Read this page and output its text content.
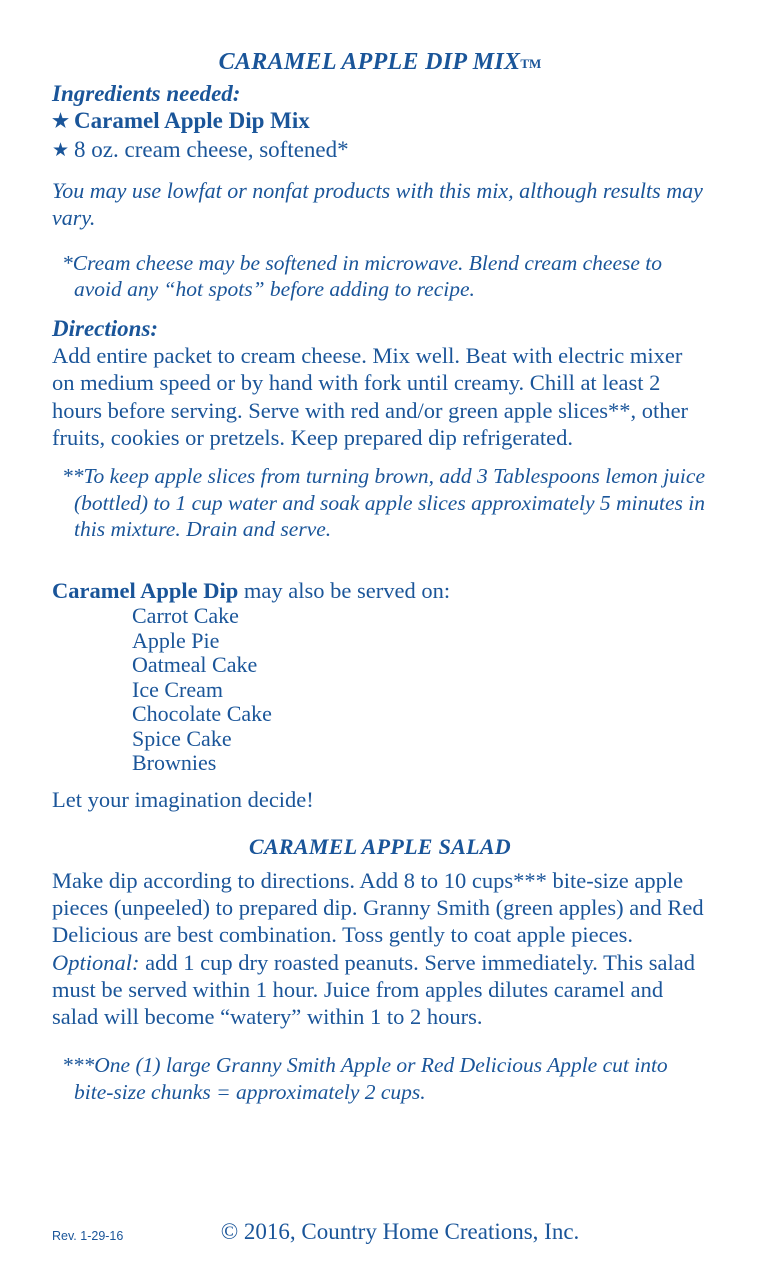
CARAMEL APPLE DIP MIXTM
Ingredients needed:
★ Caramel Apple Dip Mix
★ 8 oz. cream cheese, softened*
You may use lowfat or nonfat products with this mix, although results may vary.
*Cream cheese may be softened in microwave. Blend cream cheese to avoid any “hot spots” before adding to recipe.
Directions:
Add entire packet to cream cheese. Mix well. Beat with electric mixer on medium speed or by hand with fork until creamy. Chill at least 2 hours before serving. Serve with red and/or green apple slices**, other fruits, cookies or pretzels. Keep prepared dip refrigerated.
**To keep apple slices from turning brown, add 3 Tablespoons lemon juice (bottled) to 1 cup water and soak apple slices approximately 5 minutes in this mixture. Drain and serve.
Caramel Apple Dip may also be served on:
Carrot Cake
Apple Pie
Oatmeal Cake
Ice Cream
Chocolate Cake
Spice Cake
Brownies
Let your imagination decide!
CARAMEL APPLE SALAD
Make dip according to directions. Add 8 to 10 cups*** bite-size apple pieces (unpeeled) to prepared dip. Granny Smith (green apples) and Red Delicious are best combination. Toss gently to coat apple pieces. Optional: add 1 cup dry roasted peanuts. Serve immediately. This salad must be served within 1 hour. Juice from apples dilutes caramel and salad will become “watery” within 1 to 2 hours.
***One (1) large Granny Smith Apple or Red Delicious Apple cut into bite-size chunks = approximately 2 cups.
Rev. 1-29-16	© 2016, Country Home Creations, Inc.
